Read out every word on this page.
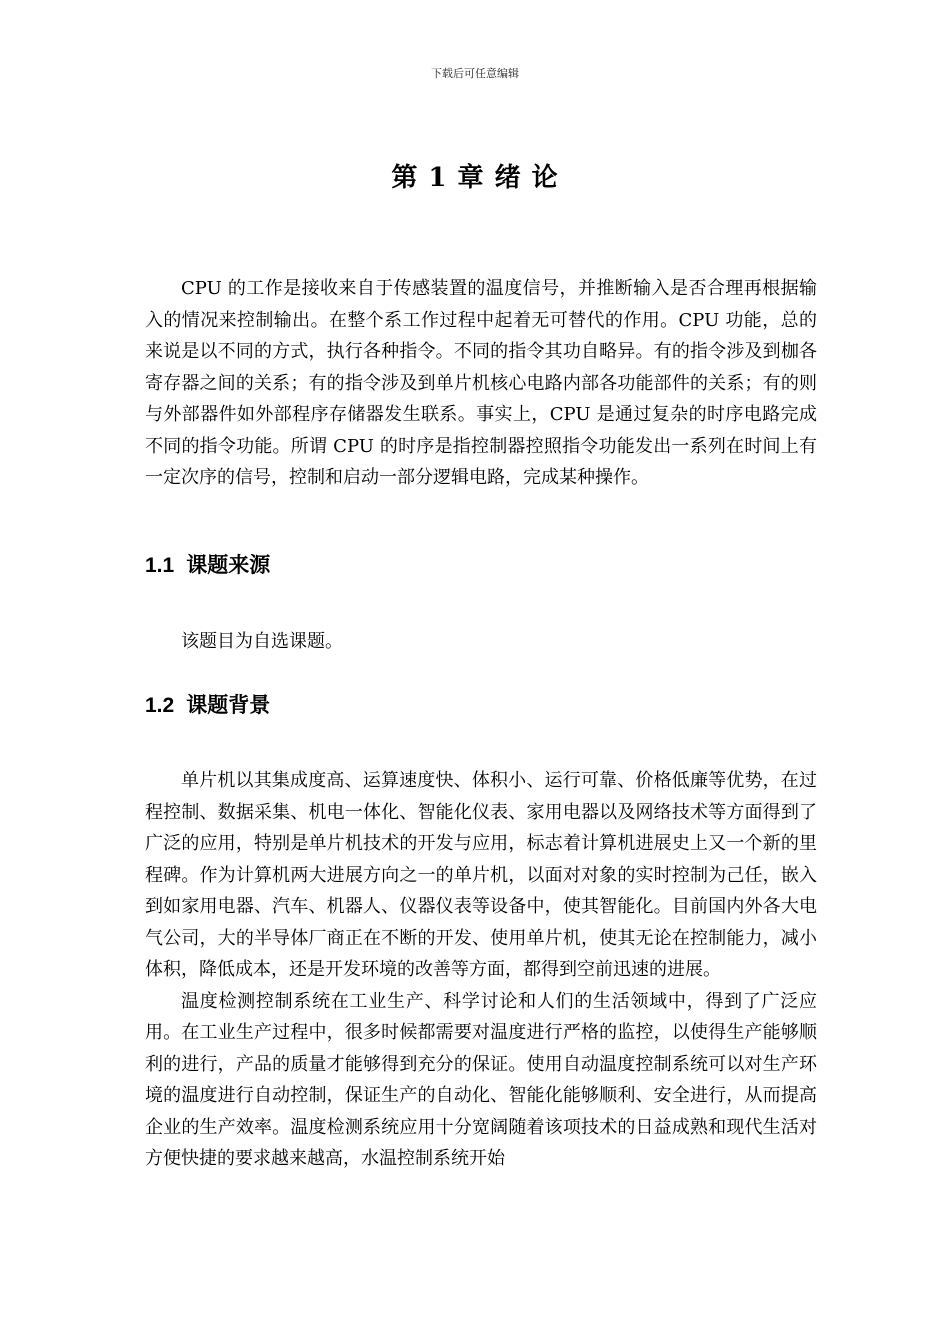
下载后可任意编辑
第 1 章 绪 论

CPU 的工作是接收来自于传感装置的温度信号，并推断输入是否合理再根据输入的情况来控制输出。在整个系工作过程中起着无可替代的作用。CPU 功能，总的来说是以不同的方式，执行各种指令。不同的指令其功自略异。有的指令涉及到枷各寄存器之间的关系；有的指令涉及到单片机核心电路内部各功能部件的关系；有的则与外部器件如外部程序存储器发生联系。事实上，CPU 是通过复杂的时序电路完成不同的指令功能。所谓 CPU 的时序是指控制器控照指令功能发出一系列在时间上有一定次序的信号，控制和启动一部分逻辑电路，完成某种操作。

1.1 课题来源

该题目为自选课题。

1.2 课题背景

单片机以其集成度高、运算速度快、体积小、运行可靠、价格低廉等优势，在过程控制、数据采集、机电一体化、智能化仪表、家用电器以及网络技术等方面得到了广泛的应用，特别是单片机技术的开发与应用，标志着计算机进展史上又一个新的里程碑。作为计算机两大进展方向之一的单片机，以面对对象的实时控制为己任，嵌入到如家用电器、汽车、机器人、仪器仪表等设备中，使其智能化。目前国内外各大电气公司，大的半导体厂商正在不断的开发、使用单片机，使其无论在控制能力，减小体积，降低成本，还是开发环境的改善等方面，都得到空前迅速的进展。

温度检测控制系统在工业生产、科学讨论和人们的生活领域中，得到了广泛应用。在工业生产过程中，很多时候都需要对温度进行严格的监控，以使得生产能够顺利的进行，产品的质量才能够得到充分的保证。使用自动温度控制系统可以对生产环境的温度进行自动控制，保证生产的自动化、智能化能够顺利、安全进行，从而提高企业的生产效率。温度检测系统应用十分宽阔随着该项技术的日益成熟和现代生活对方便快捷的要求越来越高，水温控制系统开始
